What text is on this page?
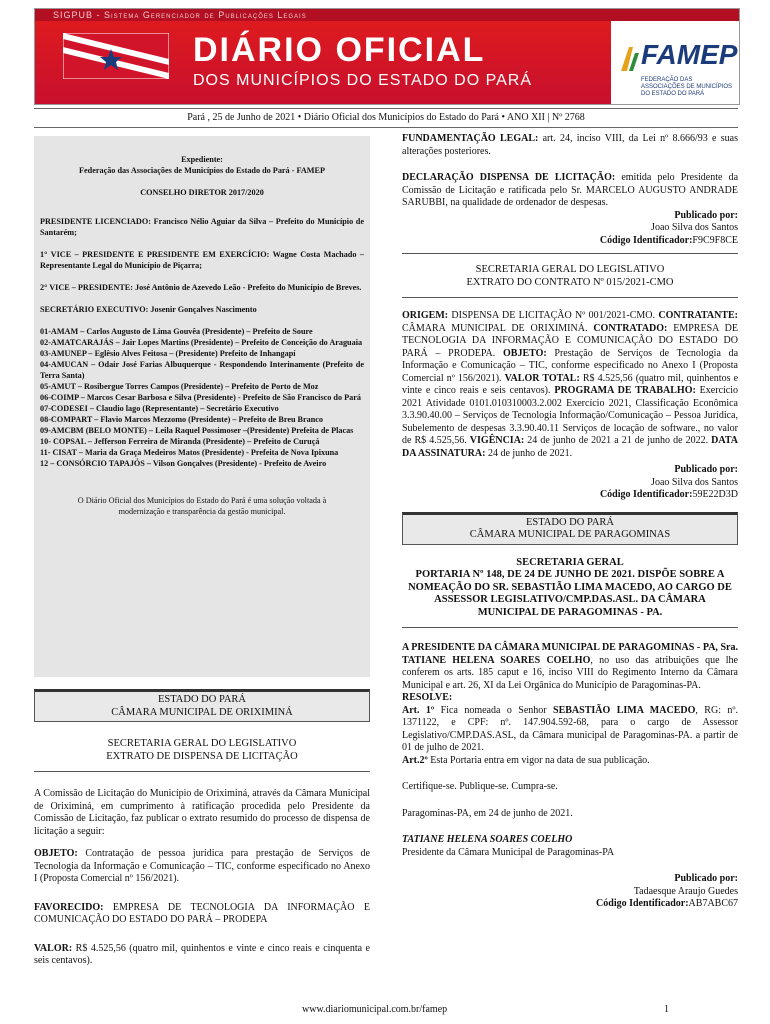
SIGPUB - Sistema Gerenciador de Publicações Legais
DIÁRIO OFICIAL
DOS MUNICÍPIOS DO ESTADO DO PARÁ
FAMEP
FEDERAÇÃO DAS ASSOCIAÇÕES DE MUNICÍPIOS DO ESTADO DO PARÁ
Pará , 25 de Junho de 2021 • Diário Oficial dos Municípios do Estado do Pará • ANO XII | Nº 2768

Expediente:

Federação das Associações de Municípios do Estado do Pará - FAMEP

CONSELHO DIRETOR 2017/2020

PRESIDENTE LICENCIADO: Francisco Nélio Aguiar da Silva – Prefeito do Município de Santarém;

1° VICE – PRESIDENTE E PRESIDENTE EM EXERCÍCIO: Wagne Costa Machado – Representante Legal do Município de Piçarra;

2° VICE – PRESIDENTE: José Antônio de Azevedo Leão - Prefeito do Município de Breves.

SECRETÁRIO EXECUTIVO: Josenir Gonçalves Nascimento

01-AMAM – Carlos Augusto de Lima Gouvêa (Presidente) – Prefeito de Soure

02-AMATCARAJÁS – Jair Lopes Martins (Presidente) – Prefeito de Conceição do Araguaia

03-AMUNEP – Eglêsio Alves Feitosa – (Presidente) Prefeito de Inhangapí

04-AMUCAN – Odair José Farias Albuquerque - Respondendo Interinamente (Prefeito de Terra Santa)

05-AMUT – Rosibergue Torres Campos (Presidente) – Prefeito de Porto de Moz

06-COIMP – Marcos Cesar Barbosa e Silva (Presidente) - Prefeito de São Francisco do Pará

07-CODESEI – Claudio lago (Representante) – Secretário Executivo

08-COMPART – Flavio Marcos Mezzomo (Presidente) – Prefeito de Breu Branco

09-AMCBM (BELO MONTE) – Leila Raquel Possimoser –(Presidente) Prefeita de Placas

10- COPSAL – Jefferson Ferreira de Miranda (Presidente) – Prefeito de Curuçá

11- CISAT – Maria da Graça Medeiros Matos (Presidente) - Prefeita de Nova Ipixuna

12 – CONSÓRCIO TAPAJÓS – Vilson Gonçalves (Presidente) - Prefeito de Aveiro

O Diário Oficial dos Municípios do Estado do Pará é uma solução voltada à modernização e transparência da gestão municipal.

ESTADO DO PARÁ

CÂMARA MUNICIPAL DE ORIXIMINÁ

SECRETARIA GERAL DO LEGISLATIVO

EXTRATO DE DISPENSA DE LICITAÇÃO

A Comissão de Licitação do Município de Oriximiná, através da Câmara Municipal de Oriximiná, em cumprimento à ratificação procedida pelo Presidente da Comissão de Licitação, faz publicar o extrato resumido do processo de dispensa de licitação a seguir:

OBJETO: Contratação de pessoa jurídica para prestação de Serviços de Tecnologia da Informação e Comunicação – TIC, conforme especificado no Anexo I (Proposta Comercial nº 156/2021).

FAVORECIDO: EMPRESA DE TECNOLOGIA DA INFORMAÇÃO E COMUNICAÇÃO DO ESTADO DO PARÁ – PRODEPA

VALOR: R$ 4.525,56 (quatro mil, quinhentos e vinte e cinco reais e cinquenta e seis centavos).

FUNDAMENTAÇÃO LEGAL: art. 24, inciso VIII, da Lei nº 8.666/93 e suas alterações posteriores.

DECLARAÇÃO DISPENSA DE LICITAÇÃO: emitida pelo Presidente da Comissão de Licitação e ratificada pelo Sr. MARCELO AUGUSTO ANDRADE SARUBBI, na qualidade de ordenador de despesas.

Publicado por:

Joao Silva dos Santos

Código Identificador:F9C9F8CE

SECRETARIA GERAL DO LEGISLATIVO

EXTRATO DO CONTRATO Nº 015/2021-CMO

ORIGEM: DISPENSA DE LICITAÇÃO Nº 001/2021-CMO. CONTRATANTE: CÂMARA MUNICIPAL DE ORIXIMINÁ. CONTRATADO: EMPRESA DE TECNOLOGIA DA INFORMAÇÃO E COMUNICAÇÃO DO ESTADO DO PARÁ – PRODEPA. OBJETO: Prestação de Serviços de Tecnologia da Informação e Comunicação – TIC, conforme especificado no Anexo I (Proposta Comercial nº 156/2021). VALOR TOTAL: R$ 4.525,56 (quatro mil, quinhentos e vinte e cinco reais e seis centavos). PROGRAMA DE TRABALHO: Exercício 2021 Atividade 0101.010310003.2.002 Exercício 2021, Classificação Econômica 3.3.90.40.00 – Serviços de Tecnologia Informação/Comunicação – Pessoa Jurídica, Subelemento de despesas 3.3.90.40.11 Serviços de locação de software., no valor de R$ 4.525,56. VIGÊNCIA: 24 de junho de 2021 a 21 de junho de 2022. DATA DA ASSINATURA: 24 de junho de 2021.

Publicado por:

Joao Silva dos Santos

Código Identificador:59E22D3D

ESTADO DO PARÁ

CÂMARA MUNICIPAL DE PARAGOMINAS

SECRETARIA GERAL

PORTARIA Nº 148, DE 24 DE JUNHO DE 2021. DISPÕE SOBRE A NOMEAÇÃO DO SR. SEBASTIÃO LIMA MACEDO, AO CARGO DE ASSESSOR LEGISLATIVO/CMP.DAS.ASL. DA CÂMARA MUNICIPAL DE PARAGOMINAS - PA.

A PRESIDENTE DA CÂMARA MUNICIPAL DE PARAGOMINAS - PA, Sra. TATIANE HELENA SOARES COELHO, no uso das atribuições que lhe conferem os arts. 185 caput e 16, inciso VIII do Regimento Interno da Câmara Municipal e art. 26, XI da Lei Orgânica do Município de Paragominas-PA.

RESOLVE:

Art. 1º Fica nomeada o Senhor SEBASTIÃO LIMA MACEDO, RG: nº. 1371122, e CPF: nº. 147.904.592-68, para o cargo de Assessor Legislativo/CMP.DAS.ASL, da Câmara municipal de Paragominas-PA. a partir de 01 de julho de 2021.

Art.2º Esta Portaria entra em vigor na data de sua publicação.

Certifique-se. Publique-se. Cumpra-se.

Paragominas-PA, em 24 de junho de 2021.

TATIANE HELENA SOARES COELHO

Presidente da Câmara Municipal de Paragominas-PA

Publicado por:

Tadaesque Araujo Guedes

Código Identificador:AB7ABC67

www.diariomunicipal.com.br/famep	1
